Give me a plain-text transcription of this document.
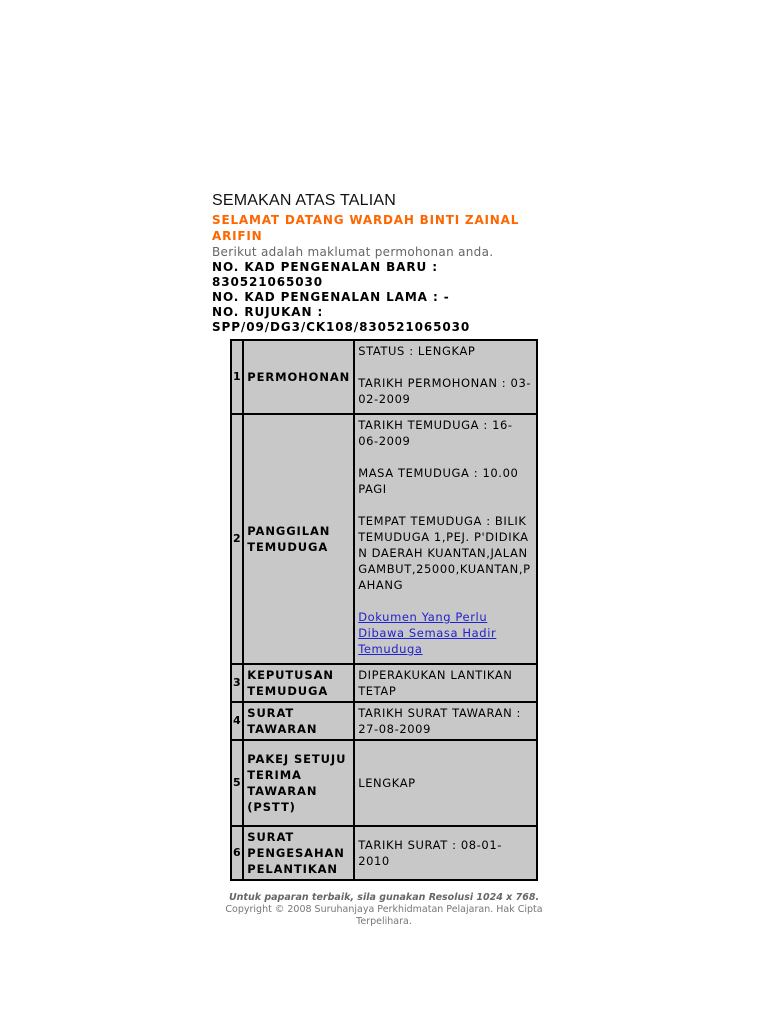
SEMAKAN ATAS TALIAN
SELAMAT DATANG WARDAH BINTI ZAINAL ARIFIN
Berikut adalah maklumat permohonan anda.
NO. KAD PENGENALAN BARU : 830521065030
NO. KAD PENGENALAN LAMA : -
NO. RUJUKAN :
SPP/09/DG3/CK108/830521065030
1	PERMOHONAN	STATUS : LENGKAP
TARIKH PERMOHONAN : 03-02-2009

2	PANGGILAN TEMUDUGA	TARIKH TEMUDUGA : 16-06-2009
MASA TEMUDUGA : 10.00 PAGI
TEMPAT TEMUDUGA : BILIK TEMUDUGA 1,PEJ. P'DIDIKAN DAERAH KUANTAN,JALAN GAMBUT,25000,KUANTAN,PAHANG
Dokumen Yang Perlu Dibawa Semasa Hadir Temuduga
3	KEPUTUSAN TEMUDUGA	DIPERAKUKAN LANTIKAN TETAP

4	SURAT TAWARAN	TARIKH SURAT TAWARAN : 27-08-2009

5	PAKEJ SETUJU TERIMA TAWARAN (PSTT)	LENGKAP

6	SURAT PENGESAHAN PELANTIKAN	TARIKH SURAT : 08-01-2010
Untuk paparan terbaik, sila gunakan Resolusi 1024 x 768.
Copyright © 2008 Suruhanjaya Perkhidmatan Pelajaran. Hak Cipta Terpelihara.
